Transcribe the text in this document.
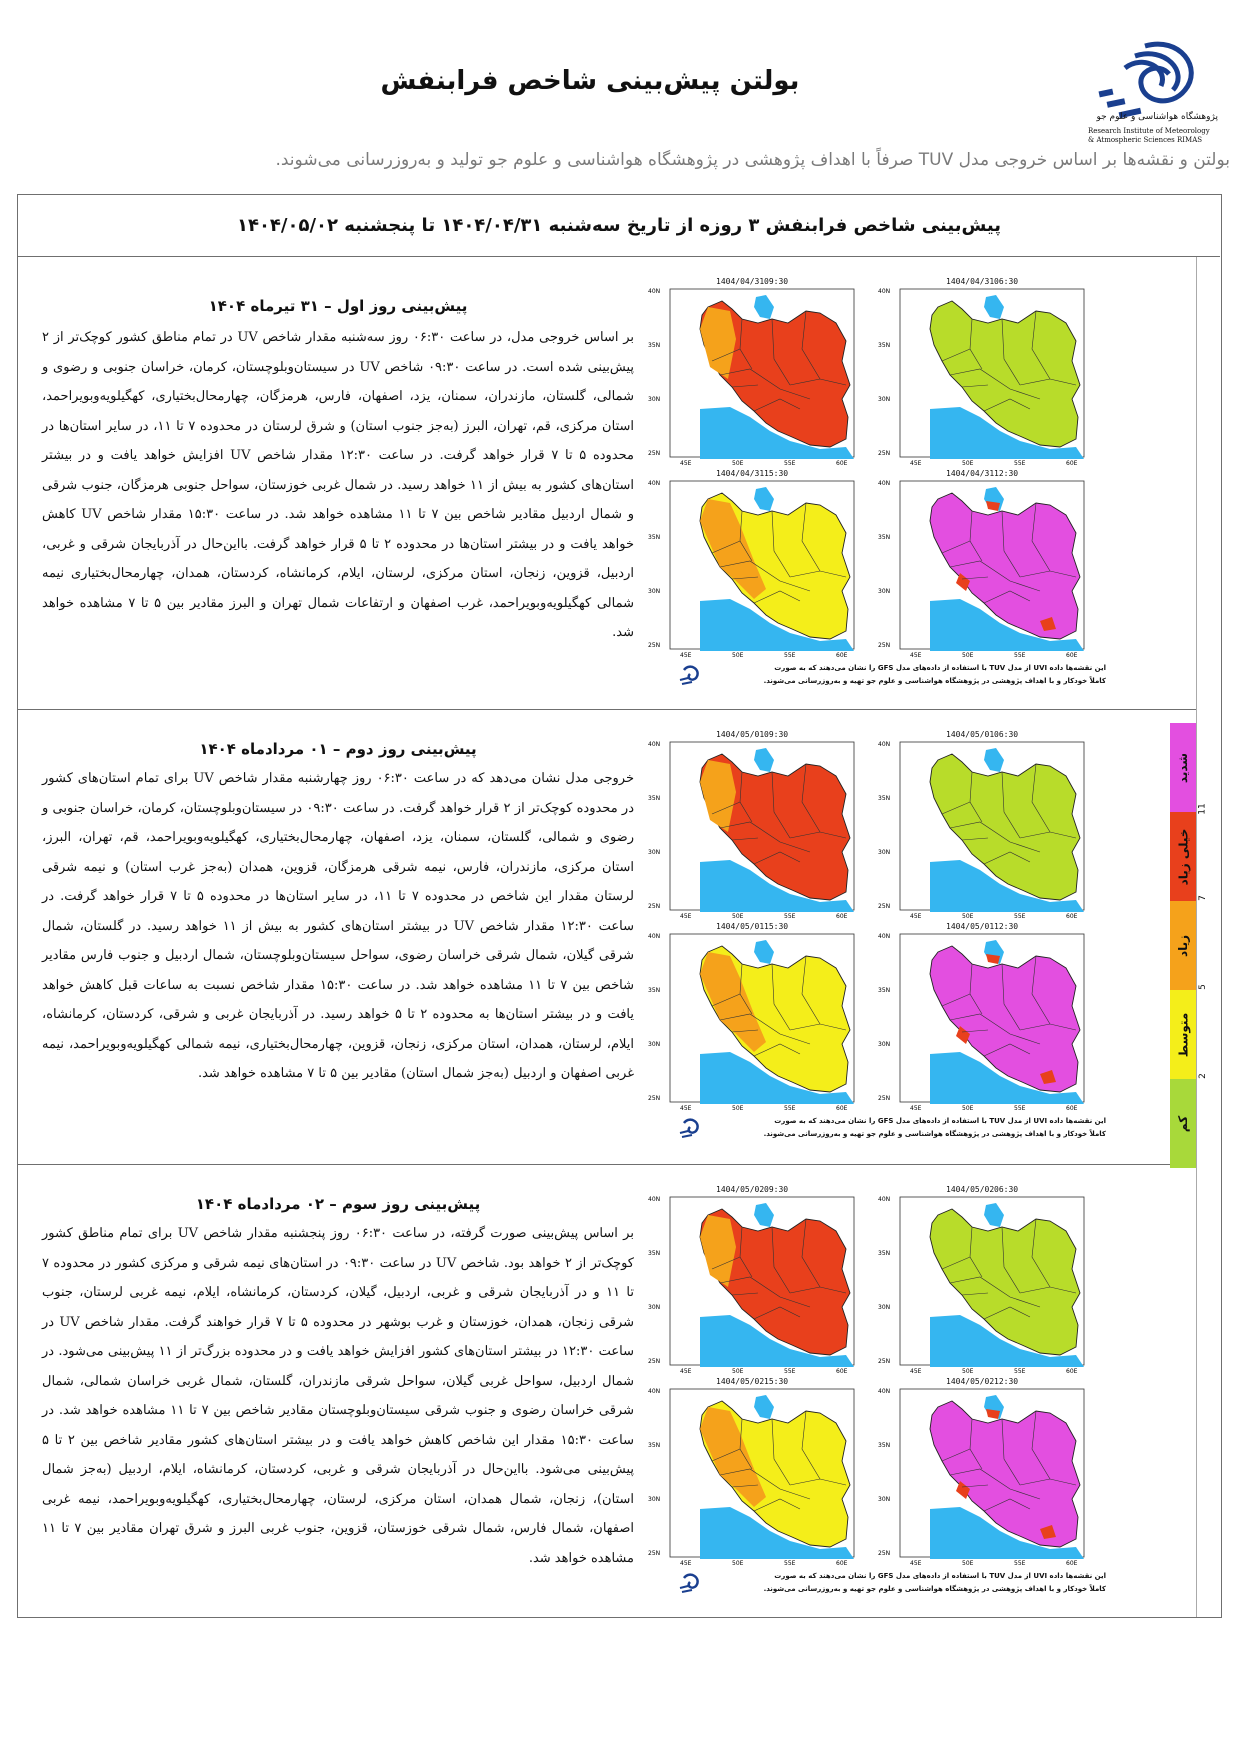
پژوهشگاه هواشناسی و علوم جو
Research Institute of Meteorology
& Atmospheric Sciences RIMAS
بولتن پیش‌بینی شاخص فرابنفش
بولتن و نقشه‌ها بر اساس خروجی مدل TUV صرفاً با اهداف پژوهشی در پژوهشگاه هواشناسی و علوم جو تولید و به‌روزرسانی می‌شوند.
پیش‌بینی شاخص فرابنفش ۳ روزه از تاریخ سه‌شنبه ۱۴۰۴/۰۴/۳۱ تا پنجشنبه ۱۴۰۴/۰۵/۰۲
پیش‌بینی روز اول – ۳۱ تیرماه ۱۴۰۴
بر اساس خروجی مدل، در ساعت ۰۶:۳۰ روز سه‌شنبه مقدار شاخص UV در تمام مناطق کشور کوچک‌تر از ۲ پیش‌بینی شده است. در ساعت ۰۹:۳۰ شاخص UV در سیستان‌وبلوچستان، کرمان، خراسان جنوبی و رضوی و شمالی، گلستان، مازندران، سمنان، یزد، اصفهان، فارس، هرمزگان، چهارمحال‌بختیاری، کهگیلویه‌وبویراحمد، استان مرکزی، قم، تهران، البرز (به‌جز جنوب استان) و شرق لرستان در محدوده ۷ تا ۱۱، در سایر استان‌ها در محدوده ۵ تا ۷ قرار خواهد گرفت. در ساعت ۱۲:۳۰ مقدار شاخص UV افزایش خواهد یافت و در بیشتر استان‌های کشور به بیش از ۱۱ خواهد رسید. در شمال غربی خوزستان، سواحل جنوبی هرمزگان، جنوب شرقی و شمال اردبیل مقادیر شاخص بین ۷ تا ۱۱ مشاهده خواهد شد. در ساعت ۱۵:۳۰ مقدار شاخص UV کاهش خواهد یافت و در بیشتر استان‌ها در محدوده ۲ تا ۵ قرار خواهد گرفت. بااین‌حال در آذربایجان شرقی و غربی، اردبیل، قزوین، زنجان، استان مرکزی، لرستان، ایلام، کرمانشاه، کردستان، همدان، چهارمحال‌بختیاری نیمه شمالی کهگیلویه‌وبویراحمد، غرب اصفهان و ارتفاعات شمال تهران و البرز مقادیر بین ۵ تا ۷ مشاهده خواهد شد.
1404/04/31 06:30
40N
35N
30N
25N
45E	50E	55E	60E
1404/04/31 09:30
40N
35N
30N
25N
45E	50E	55E	60E
1404/04/31 12:30
40N
35N
30N
25N
45E	50E	55E	60E
1404/04/31 15:30
40N
35N
30N
25N
45E	50E	55E	60E
این نقشه‌ها داده UVI از مدل TUV با استفاده از داده‌های مدل GFS را نشان می‌دهند که به صورت
کاملاً خودکار و با اهداف پژوهشی در پژوهشگاه هواشناسی و علوم جو تهیه و به‌روزرسانی می‌شوند.
پیش‌بینی روز دوم – ۰۱ مردادماه ۱۴۰۴
خروجی مدل نشان می‌دهد که در ساعت ۰۶:۳۰ روز چهارشنبه مقدار شاخص UV برای تمام استان‌های کشور در محدوده کوچک‌تر از ۲ قرار خواهد گرفت. در ساعت ۰۹:۳۰ در سیستان‌وبلوچستان، کرمان، خراسان جنوبی و رضوی و شمالی، گلستان، سمنان، یزد، اصفهان، چهارمحال‌بختیاری، کهگیلویه‌وبویراحمد، قم، تهران، البرز، استان مرکزی، مازندران، فارس، نیمه شرقی هرمزگان، قزوین، همدان (به‌جز غرب استان) و نیمه شرقی لرستان مقدار این شاخص در محدوده ۷ تا ۱۱، در سایر استان‌ها در محدوده ۵ تا ۷ قرار خواهد گرفت. در ساعت ۱۲:۳۰ مقدار شاخص UV در بیشتر استان‌های کشور به بیش از ۱۱ خواهد رسید. در گلستان، شمال شرقی گیلان، شمال شرقی خراسان رضوی، سواحل سیستان‌وبلوچستان، شمال اردبیل و جنوب فارس مقادیر شاخص بین ۷ تا ۱۱ مشاهده خواهد شد. در ساعت ۱۵:۳۰ مقدار شاخص نسبت به ساعات قبل کاهش خواهد یافت و در بیشتر استان‌ها به محدوده ۲ تا ۵ خواهد رسید. در آذربایجان غربی و شرقی، کردستان، کرمانشاه، ایلام، لرستان، همدان، استان مرکزی، زنجان، قزوین، چهارمحال‌بختیاری، نیمه شمالی کهگیلویه‌وبویراحمد، نیمه غربی اصفهان و اردبیل (به‌جز شمال استان) مقادیر بین ۵ تا ۷ مشاهده خواهد شد.
1404/05/01 06:30
40N
35N
30N
25N
45E	50E	55E	60E
1404/05/01 09:30
40N
35N
30N
25N
45E	50E	55E	60E
1404/05/01 12:30
40N
35N
30N
25N
45E	50E	55E	60E
1404/05/01 15:30
40N
35N
30N
25N
45E	50E	55E	60E
این نقشه‌ها داده UVI از مدل TUV با استفاده از داده‌های مدل GFS را نشان می‌دهند که به صورت
کاملاً خودکار و با اهداف پژوهشی در پژوهشگاه هواشناسی و علوم جو تهیه و به‌روزرسانی می‌شوند.
پیش‌بینی روز سوم – ۰۲ مردادماه ۱۴۰۴
بر اساس پیش‌بینی صورت گرفته، در ساعت ۰۶:۳۰ روز پنجشنبه مقدار شاخص UV برای تمام مناطق کشور کوچک‌تر از ۲ خواهد بود. شاخص UV در ساعت ۰۹:۳۰ در استان‌های نیمه شرقی و مرکزی کشور در محدوده ۷ تا ۱۱ و در آذربایجان شرقی و غربی، اردبیل، گیلان، کردستان، کرمانشاه، ایلام، نیمه غربی لرستان، جنوب شرقی زنجان، همدان، خوزستان و غرب بوشهر در محدوده ۵ تا ۷ قرار خواهند گرفت. مقدار شاخص UV در ساعت ۱۲:۳۰ در بیشتر استان‌های کشور افزایش خواهد یافت و در محدوده بزرگ‌تر از ۱۱ پیش‌بینی می‌شود. در شمال اردبیل، سواحل غربی گیلان، سواحل شرقی مازندران، گلستان، شمال غربی خراسان شمالی، شمال شرقی خراسان رضوی و جنوب شرقی سیستان‌وبلوچستان مقادیر شاخص بین ۷ تا ۱۱ مشاهده خواهد شد. در ساعت ۱۵:۳۰ مقدار این شاخص کاهش خواهد یافت و در بیشتر استان‌های کشور مقادیر شاخص بین ۲ تا ۵ پیش‌بینی می‌شود. بااین‌حال در آذربایجان شرقی و غربی، کردستان، کرمانشاه، ایلام، اردبیل (به‌جز شمال استان)، زنجان، شمال همدان، استان مرکزی، لرستان، چهارمحال‌بختیاری، کهگیلویه‌وبویراحمد، نیمه غربی اصفهان، شمال فارس، شمال شرقی خوزستان، قزوین، جنوب غربی البرز و شرق تهران مقادیر بین ۷ تا ۱۱ مشاهده خواهد شد.
1404/05/02 06:30
40N
35N
30N
25N
45E	50E	55E	60E
1404/05/02 09:30
40N
35N
30N
25N
45E	50E	55E	60E
1404/05/02 12:30
40N
35N
30N
25N
45E	50E	55E	60E
1404/05/02 15:30
40N
35N
30N
25N
45E	50E	55E	60E
این نقشه‌ها داده UVI از مدل TUV با استفاده از داده‌های مدل GFS را نشان می‌دهند که به صورت
کاملاً خودکار و با اهداف پژوهشی در پژوهشگاه هواشناسی و علوم جو تهیه و به‌روزرسانی می‌شوند.
شدید
خیلی زیاد
زیاد
متوسط
کم
11
7
5
2
